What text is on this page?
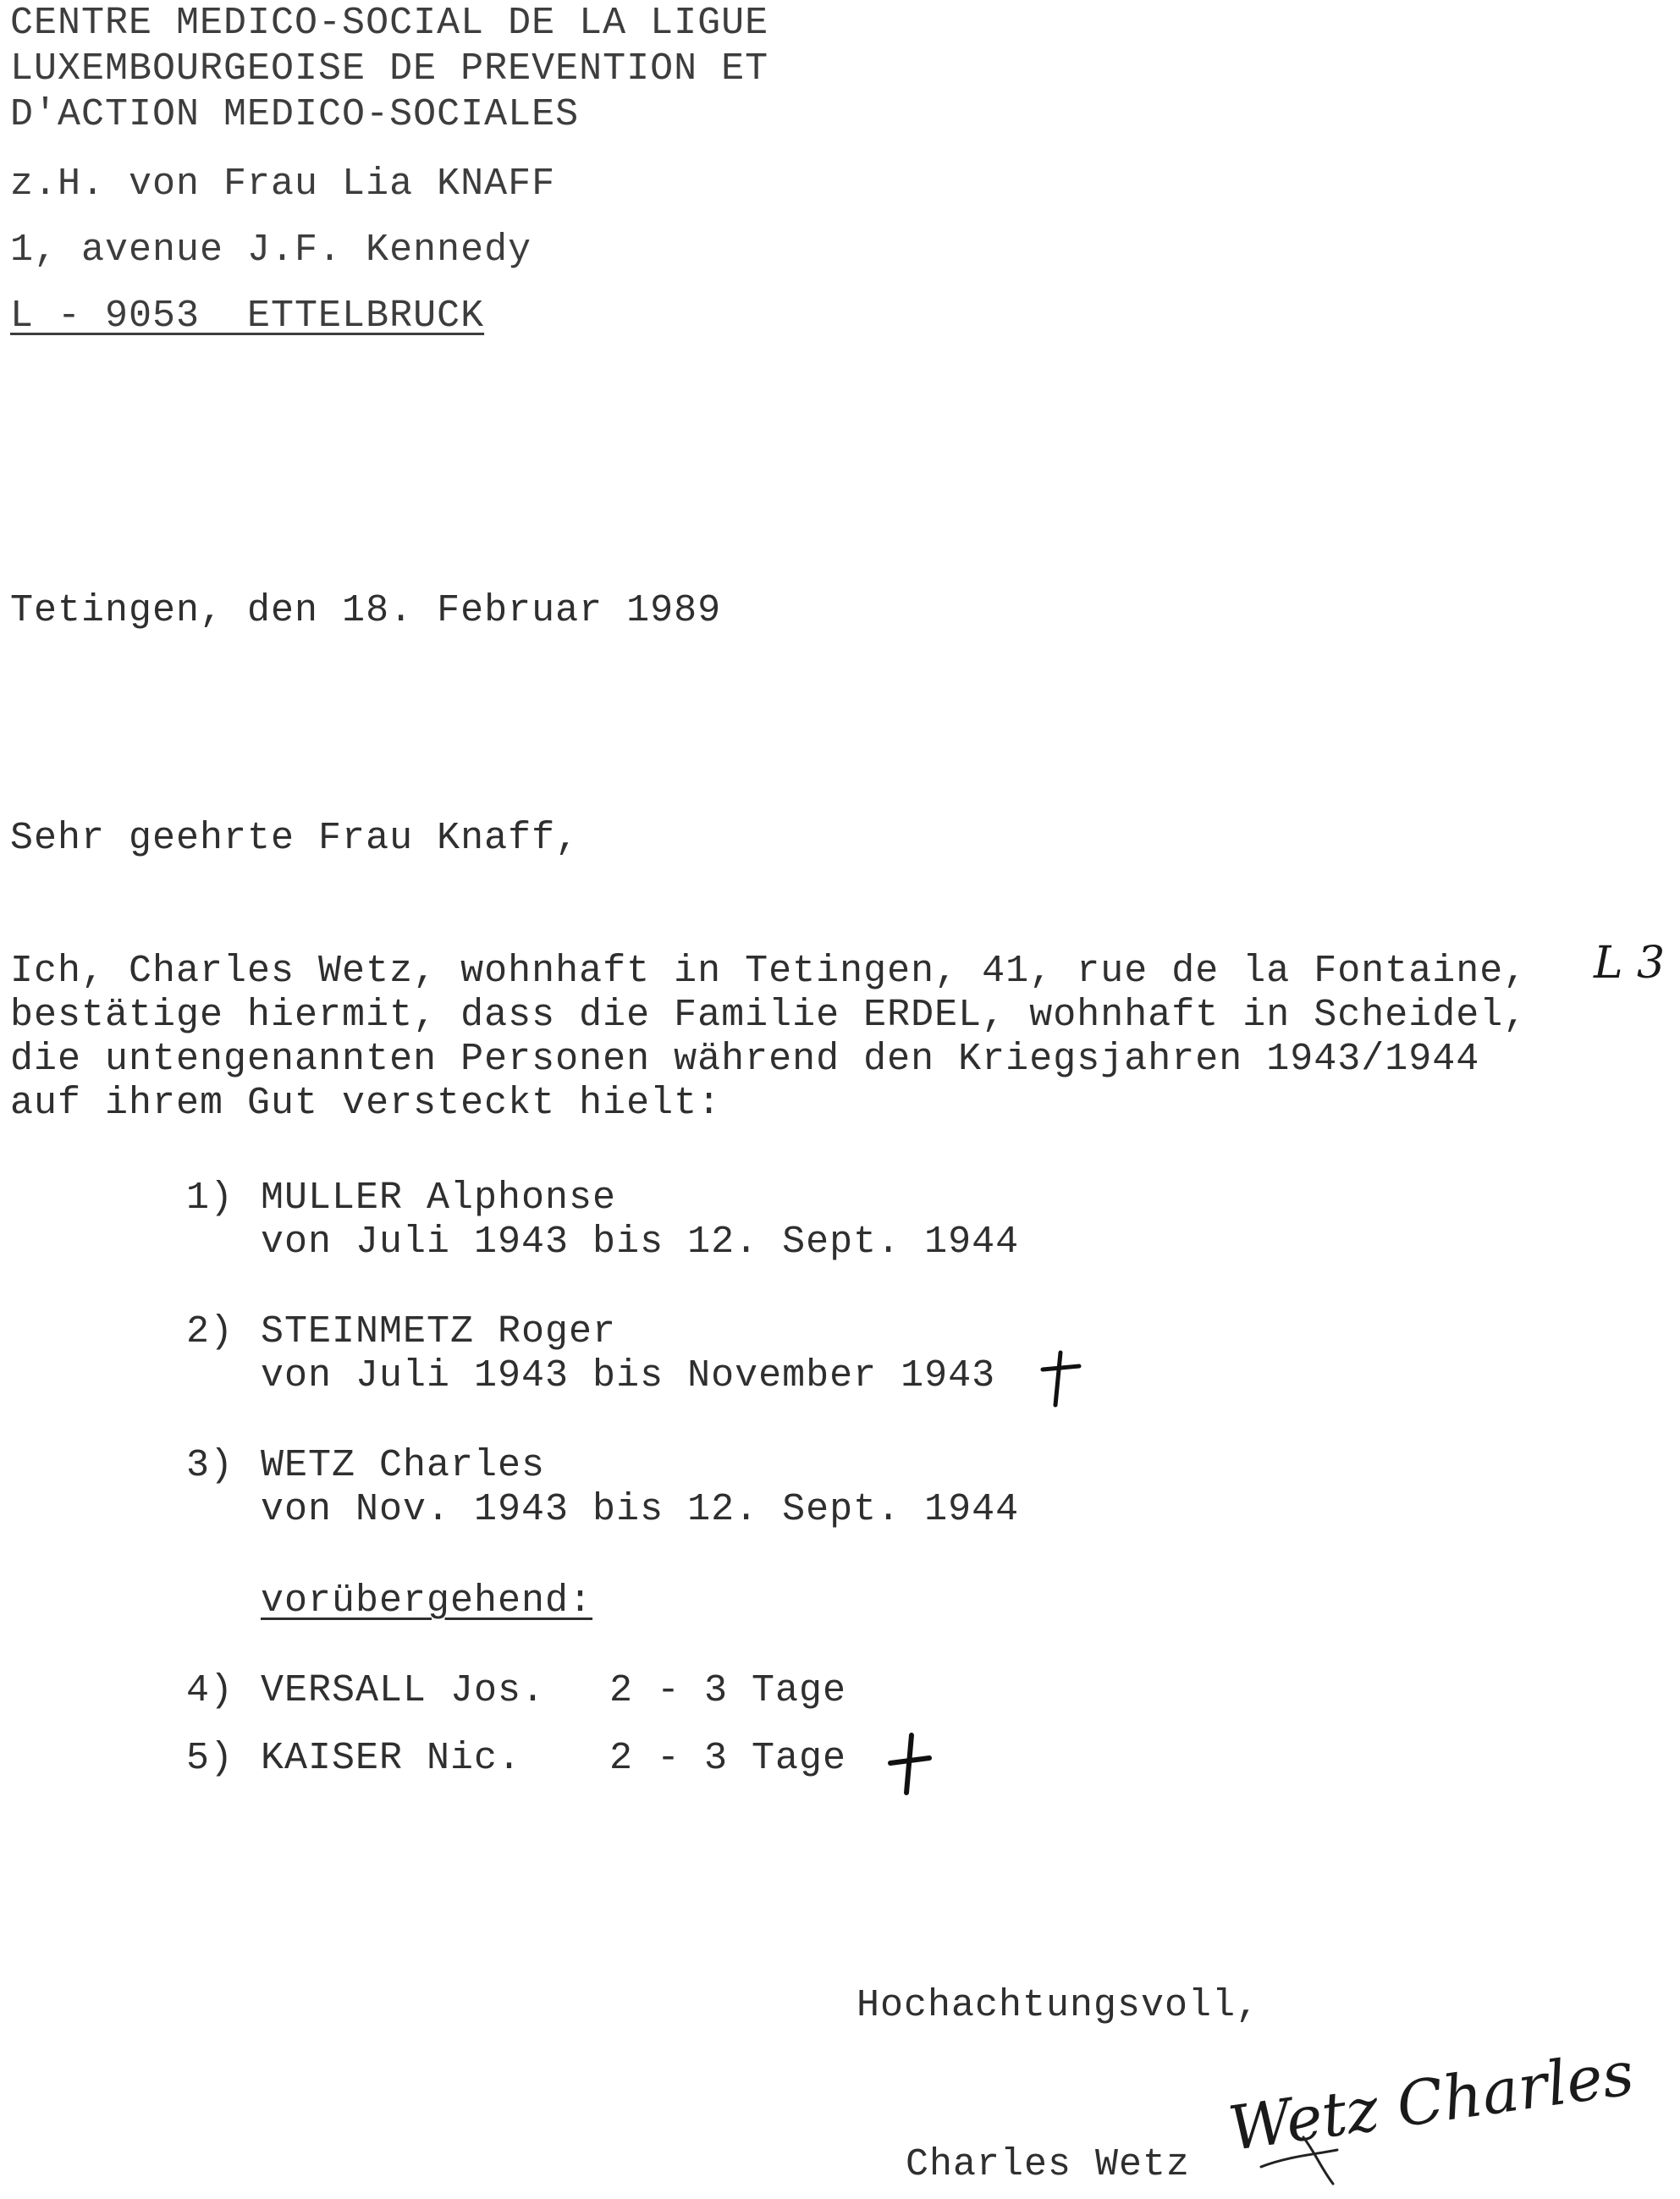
CENTRE MEDICO-SOCIAL DE LA LIGUE
LUXEMBOURGEOISE DE PREVENTION ET
D'ACTION MEDICO-SOCIALES
z.H. von Frau Lia KNAFF
1, avenue J.F. Kennedy
L - 9053  ETTELBRUCK
Tetingen, den 18. Februar 1989
Sehr geehrte Frau Knaff,
Ich, Charles Wetz, wohnhaft in Tetingen, 41, rue de la Fontaine, L 3
bestätige hiermit, dass die Familie ERDEL, wohnhaft in Scheidel,
die untengenannten Personen während den Kriegsjahren 1943/1944
auf ihrem Gut versteckt hielt:
1) MULLER Alphonse
von Juli 1943 bis 12. Sept. 1944
2) STEINMETZ Roger
von Juli 1943 bis November 1943
3) WETZ Charles
von Nov. 1943 bis 12. Sept. 1944
vorübergehend:
4) VERSALL Jos. 2 - 3 Tage
5) KAISER Nic. 2 - 3 Tage
Hochachtungsvoll,
Wetz Charles
Charles Wetz
